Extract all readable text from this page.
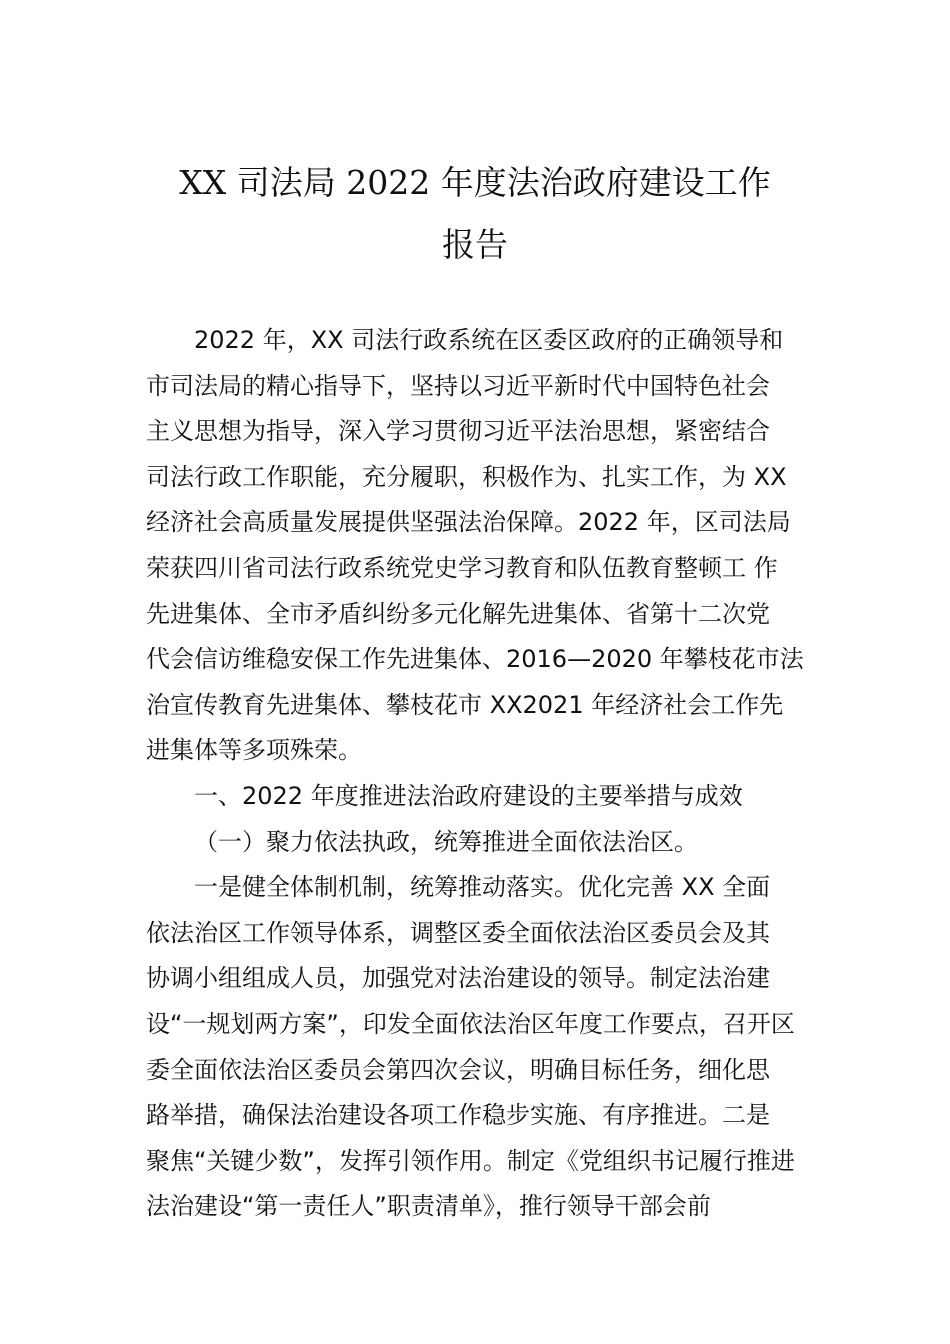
XX 司法局 2022 年度法治政府建设工作
报告
2022 年，XX 司法行政系统在区委区政府的正确领导和
市司法局的精心指导下，坚持以习近平新时代中国特色社会
主义思想为指导，深入学习贯彻习近平法治思想，紧密结合
司法行政工作职能，充分履职，积极作为、扎实工作，为 XX
经济社会高质量发展提供坚强法治保障。2022 年，区司法局
荣获四川省司法行政系统党史学习教育和队伍教育整顿工 作
先进集体、全市矛盾纠纷多元化解先进集体、省第十二次党
代会信访维稳安保工作先进集体、2016—2020 年攀枝花市法
治宣传教育先进集体、攀枝花市 XX2021 年经济社会工作先
进集体等多项殊荣。
一、2022 年度推进法治政府建设的主要举措与成效
（一）聚力依法执政，统筹推进全面依法治区。
一是健全体制机制，统筹推动落实。优化完善 XX 全面
依法治区工作领导体系，调整区委全面依法治区委员会及其
协调小组组成人员，加强党对法治建设的领导。制定法治建
设“一规划两方案”，印发全面依法治区年度工作要点，召开区
委全面依法治区委员会第四次会议，明确目标任务，细化思
路举措，确保法治建设各项工作稳步实施、有序推进。二是
聚焦“关键少数”，发挥引领作用。制定《党组织书记履行推进
法治建设“第一责任人”职责清单》，推行领导干部会前
